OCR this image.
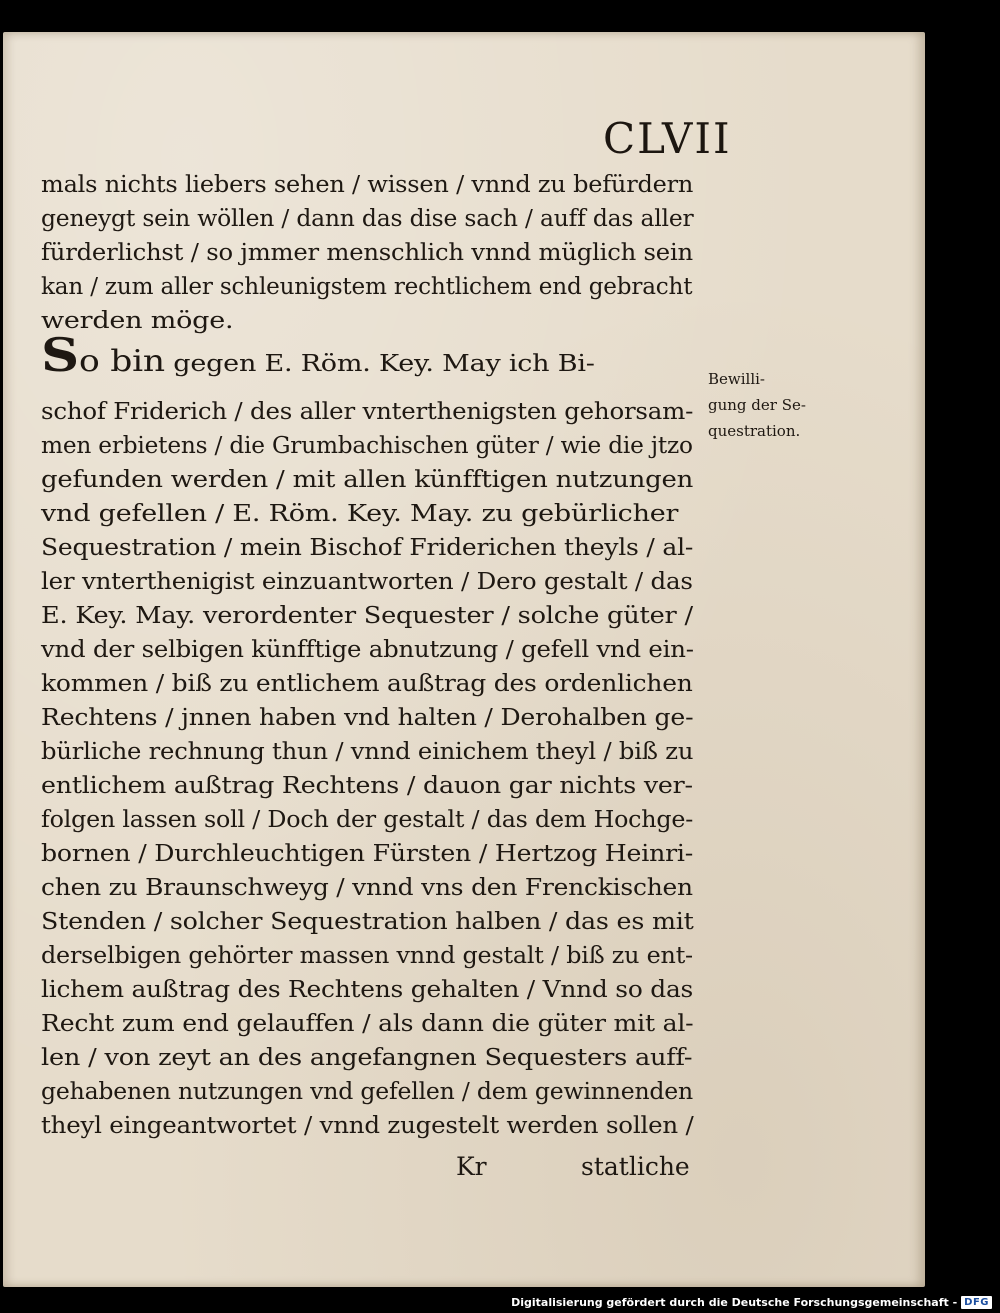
CLVII
mals nichts liebers sehen / wissen / vnnd zu befürdern
geneygt sein wöllen / dann das dise sach / auff das aller
fürderlichst / so jmmer menschlich vnnd müglich sein
kan / zum aller schleunigstem rechtlichem end gebracht
werden möge.
So bin gegen E. Röm. Key. May ich Bi-
schof Friderich / des aller vnterthenigsten gehorsam-
men erbietens / die Grumbachischen güter / wie die jtzo
gefunden werden / mit allen künfftigen nutzungen
vnd gefellen / E. Röm. Key. May. zu gebürlicher
Sequestration / mein Bischof Friderichen theyls / al-
ler vnterthenigist einzuantworten / Dero gestalt / das
E. Key. May. verordenter Sequester / solche güter /
vnd der selbigen künfftige abnutzung / gefell vnd ein-
kommen / biß zu entlichem außtrag des ordenlichen
Rechtens / jnnen haben vnd halten / Derohalben ge-
bürliche rechnung thun / vnnd einichem theyl / biß zu
entlichem außtrag Rechtens / dauon gar nichts ver-
folgen lassen soll / Doch der gestalt / das dem Hochge-
bornen / Durchleuchtigen Fürsten / Hertzog Heinri-
chen zu Braunschweyg / vnnd vns den Frenckischen
Stenden / solcher Sequestration halben / das es mit
derselbigen gehörter massen vnnd gestalt / biß zu ent-
lichem außtrag des Rechtens gehalten / Vnnd so das
Recht zum end gelauffen / als dann die güter mit al-
len / von zeyt an des angefangnen Sequesters auff-
gehabenen nutzungen vnd gefellen / dem gewinnenden
theyl eingeantwortet / vnnd zugestelt werden sollen /
Bewilli-
gung der Se-
questration.
Kr	statliche
Digitalisierung gefördert durch die Deutsche Forschungsgemeinschaft - DFG
